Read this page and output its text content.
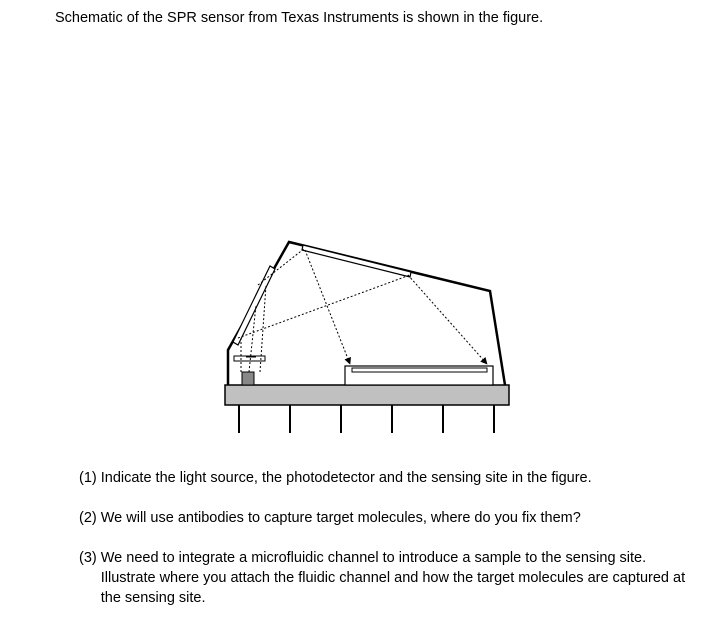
Schematic of the SPR sensor from Texas Instruments is shown in the figure.
(1) Indicate the light source, the photodetector and the sensing site in the figure.
(2) We will use antibodies to capture target molecules, where do you fix them?
(3) We need to integrate a microfluidic channel to introduce a sample to the sensing site. Illustrate where you attach the fluidic channel and how the target molecules are captured at the sensing site.
